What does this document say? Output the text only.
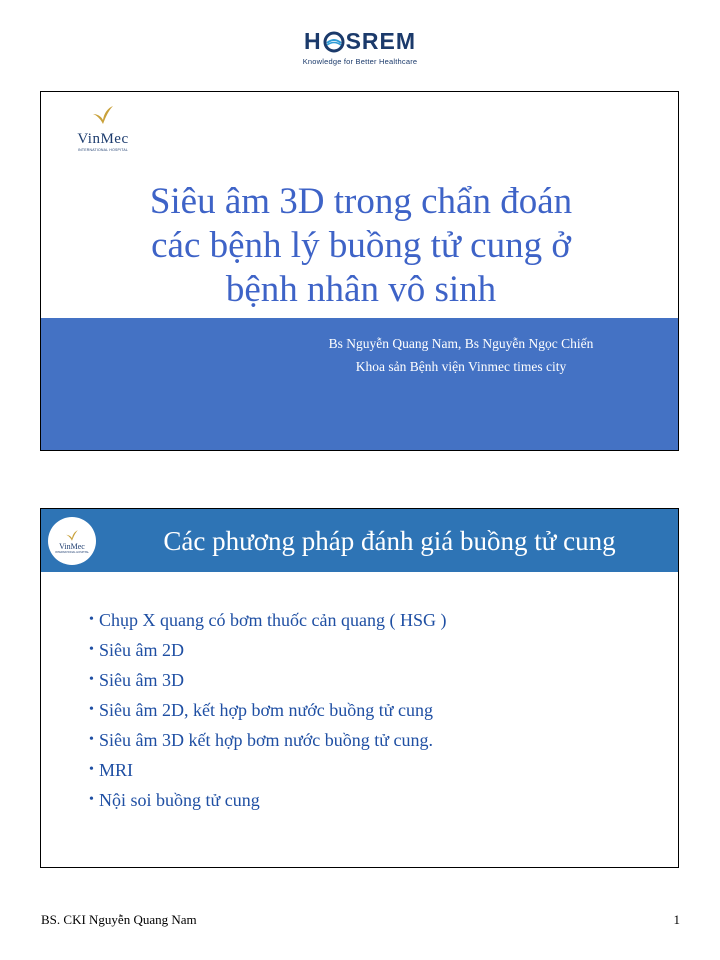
H SREM
Knowledge for Better Healthcare
VinMec
INTERNATIONAL HOSPITAL
Siêu âm 3D trong chẩn đoán
các bệnh lý buồng tử cung ở
bệnh nhân vô sinh
Bs Nguyễn Quang Nam, Bs Nguyễn Ngọc Chiến
Khoa sản Bệnh viện Vinmec times city
VinMec
INTERNATIONAL HOSPITAL	Các phương pháp đánh giá buồng tử cung
• Chụp X quang có bơm thuốc cản quang ( HSG )
• Siêu âm 2D
• Siêu âm 3D
• Siêu âm 2D, kết hợp bơm nước buồng tử cung
• Siêu âm 3D kết hợp bơm nước buồng tử cung.
• MRI
• Nội soi buồng tử cung
BS. CKI Nguyễn Quang Nam	1
